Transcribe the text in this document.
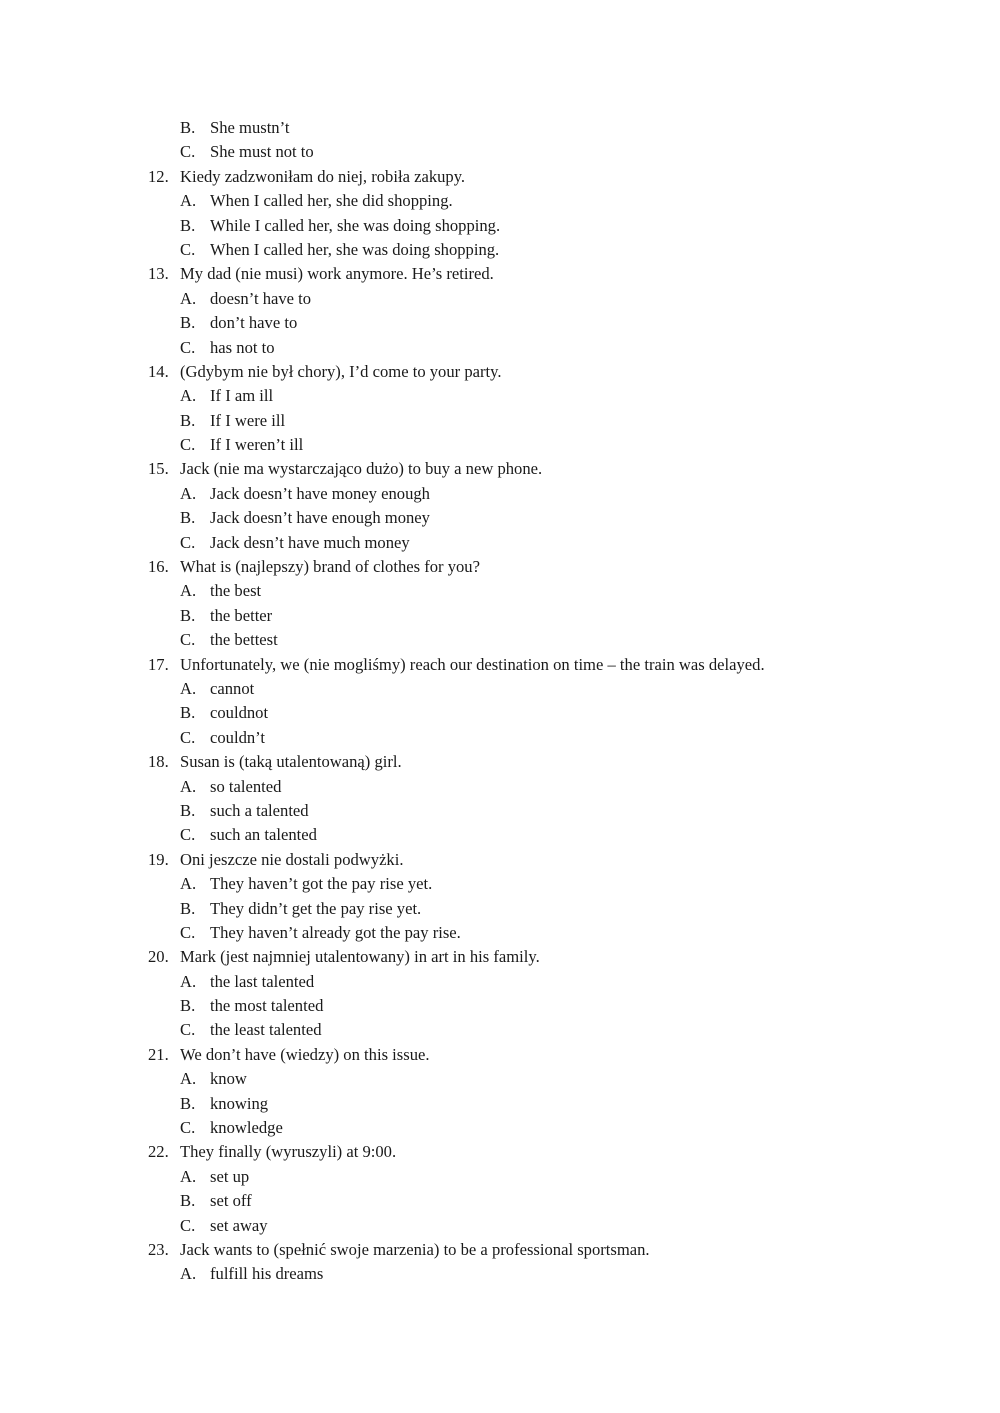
B. She mustn’t
C. She must not to
12. Kiedy zadzwoniłam do niej, robiła zakupy.
A. When I called her, she did shopping.
B. While I called her, she was doing shopping.
C. When I called her, she was doing shopping.
13. My dad (nie musi) work anymore. He’s retired.
A. doesn’t have to
B. don’t have to
C. has not to
14. (Gdybym nie był chory), I’d come to your party.
A. If I am ill
B. If I were ill
C. If I weren’t ill
15. Jack (nie ma wystarczająco dużo) to buy a new phone.
A. Jack doesn’t have money enough
B. Jack doesn’t have enough money
C. Jack desn’t have much money
16. What is (najlepszy) brand of clothes for you?
A. the best
B. the better
C. the bettest
17. Unfortunately, we (nie mogliśmy) reach our destination on time – the train was delayed.
A. cannot
B. couldnot
C. couldn’t
18. Susan is (taką utalentowaną) girl.
A. so talented
B. such a talented
C. such an talented
19. Oni jeszcze nie dostali podwyżki.
A. They haven’t got the pay rise yet.
B. They didn’t get the pay rise yet.
C. They haven’t already got the pay rise.
20. Mark (jest najmniej utalentowany) in art in his family.
A. the last talented
B. the most talented
C. the least talented
21. We don’t have (wiedzy) on this issue.
A. know
B. knowing
C. knowledge
22. They finally (wyruszyli) at 9:00.
A. set up
B. set off
C. set away
23. Jack wants to (spełnić swoje marzenia) to be a professional sportsman.
A. fulfill his dreams
